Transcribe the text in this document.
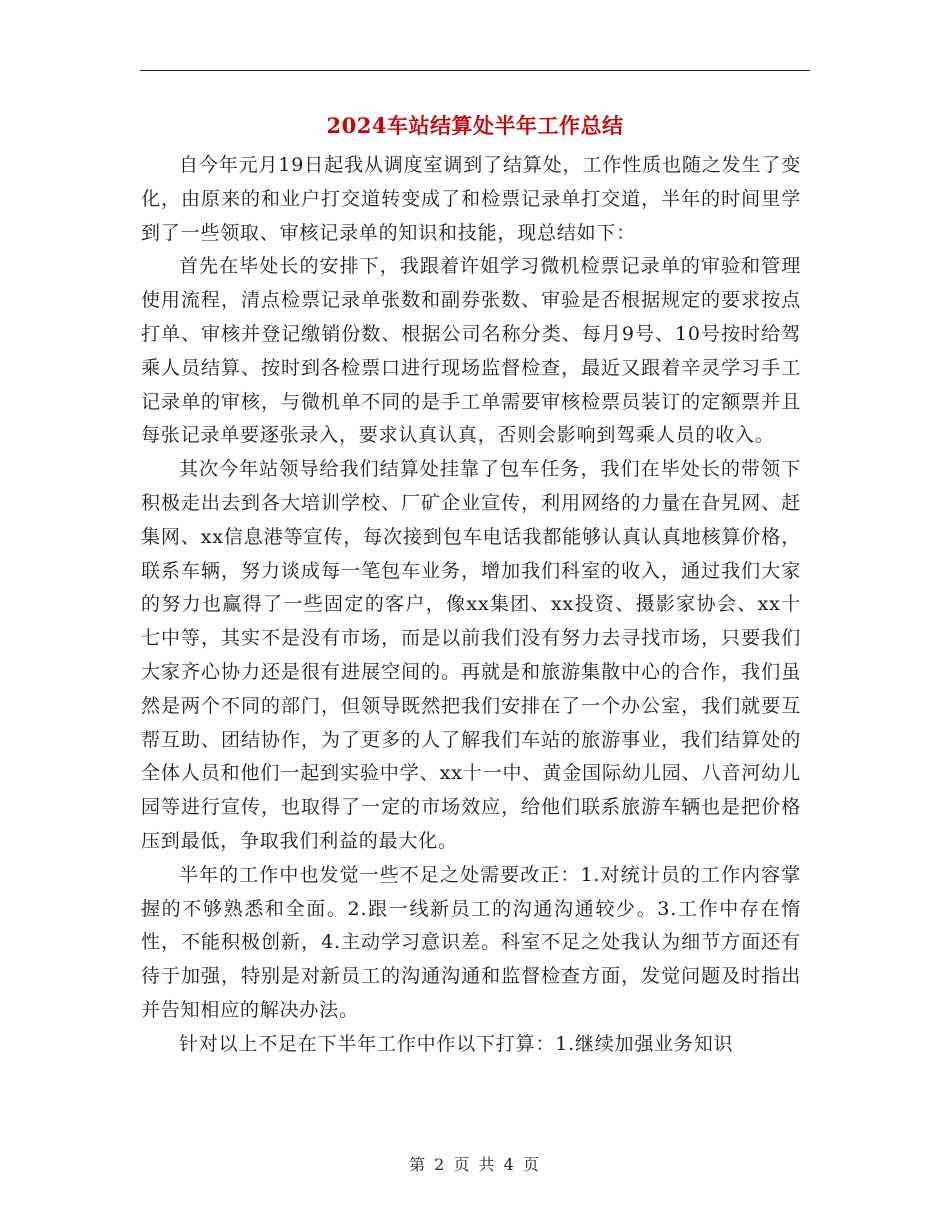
2024车站结算处半年工作总结

自今年元月19日起我从调度室调到了结算处，工作性质也随之发生了变化，由原来的和业户打交道转变成了和检票记录单打交道，半年的时间里学到了一些领取、审核记录单的知识和技能，现总结如下：

首先在毕处长的安排下，我跟着许姐学习微机检票记录单的审验和管理使用流程，清点检票记录单张数和副券张数、审验是否根据规定的要求按点打单、审核并登记缴销份数、根据公司名称分类、每月9号、10号按时给驾乘人员结算、按时到各检票口进行现场监督检查，最近又跟着辛灵学习手工记录单的审核，与微机单不同的是手工单需要审核检票员装订的定额票并且每张记录单要逐张录入，要求认真认真，否则会影响到驾乘人员的收入。

其次今年站领导给我们结算处挂靠了包车任务，我们在毕处长的带领下积极走出去到各大培训学校、厂矿企业宣传，利用网络的力量在旮旯网、赶集网、xx信息港等宣传，每次接到包车电话我都能够认真认真地核算价格，联系车辆，努力谈成每一笔包车业务，增加我们科室的收入，通过我们大家的努力也赢得了一些固定的客户，像xx集团、xx投资、摄影家协会、xx十七中等，其实不是没有市场，而是以前我们没有努力去寻找市场，只要我们大家齐心协力还是很有进展空间的。再就是和旅游集散中心的合作，我们虽然是两个不同的部门，但领导既然把我们安排在了一个办公室，我们就要互帮互助、团结协作，为了更多的人了解我们车站的旅游事业，我们结算处的全体人员和他们一起到实验中学、xx十一中、黄金国际幼儿园、八音河幼儿园等进行宣传，也取得了一定的市场效应，给他们联系旅游车辆也是把价格压到最低，争取我们利益的最大化。

半年的工作中也发觉一些不足之处需要改正：1.对统计员的工作内容掌握的不够熟悉和全面。2.跟一线新员工的沟通沟通较少。3.工作中存在惰性，不能积极创新，4.主动学习意识差。科室不足之处我认为细节方面还有待于加强，特别是对新员工的沟通沟通和监督检查方面，发觉问题及时指出并告知相应的解决办法。

针对以上不足在下半年工作中作以下打算：1.继续加强业务知识

第 2 页 共 4 页
